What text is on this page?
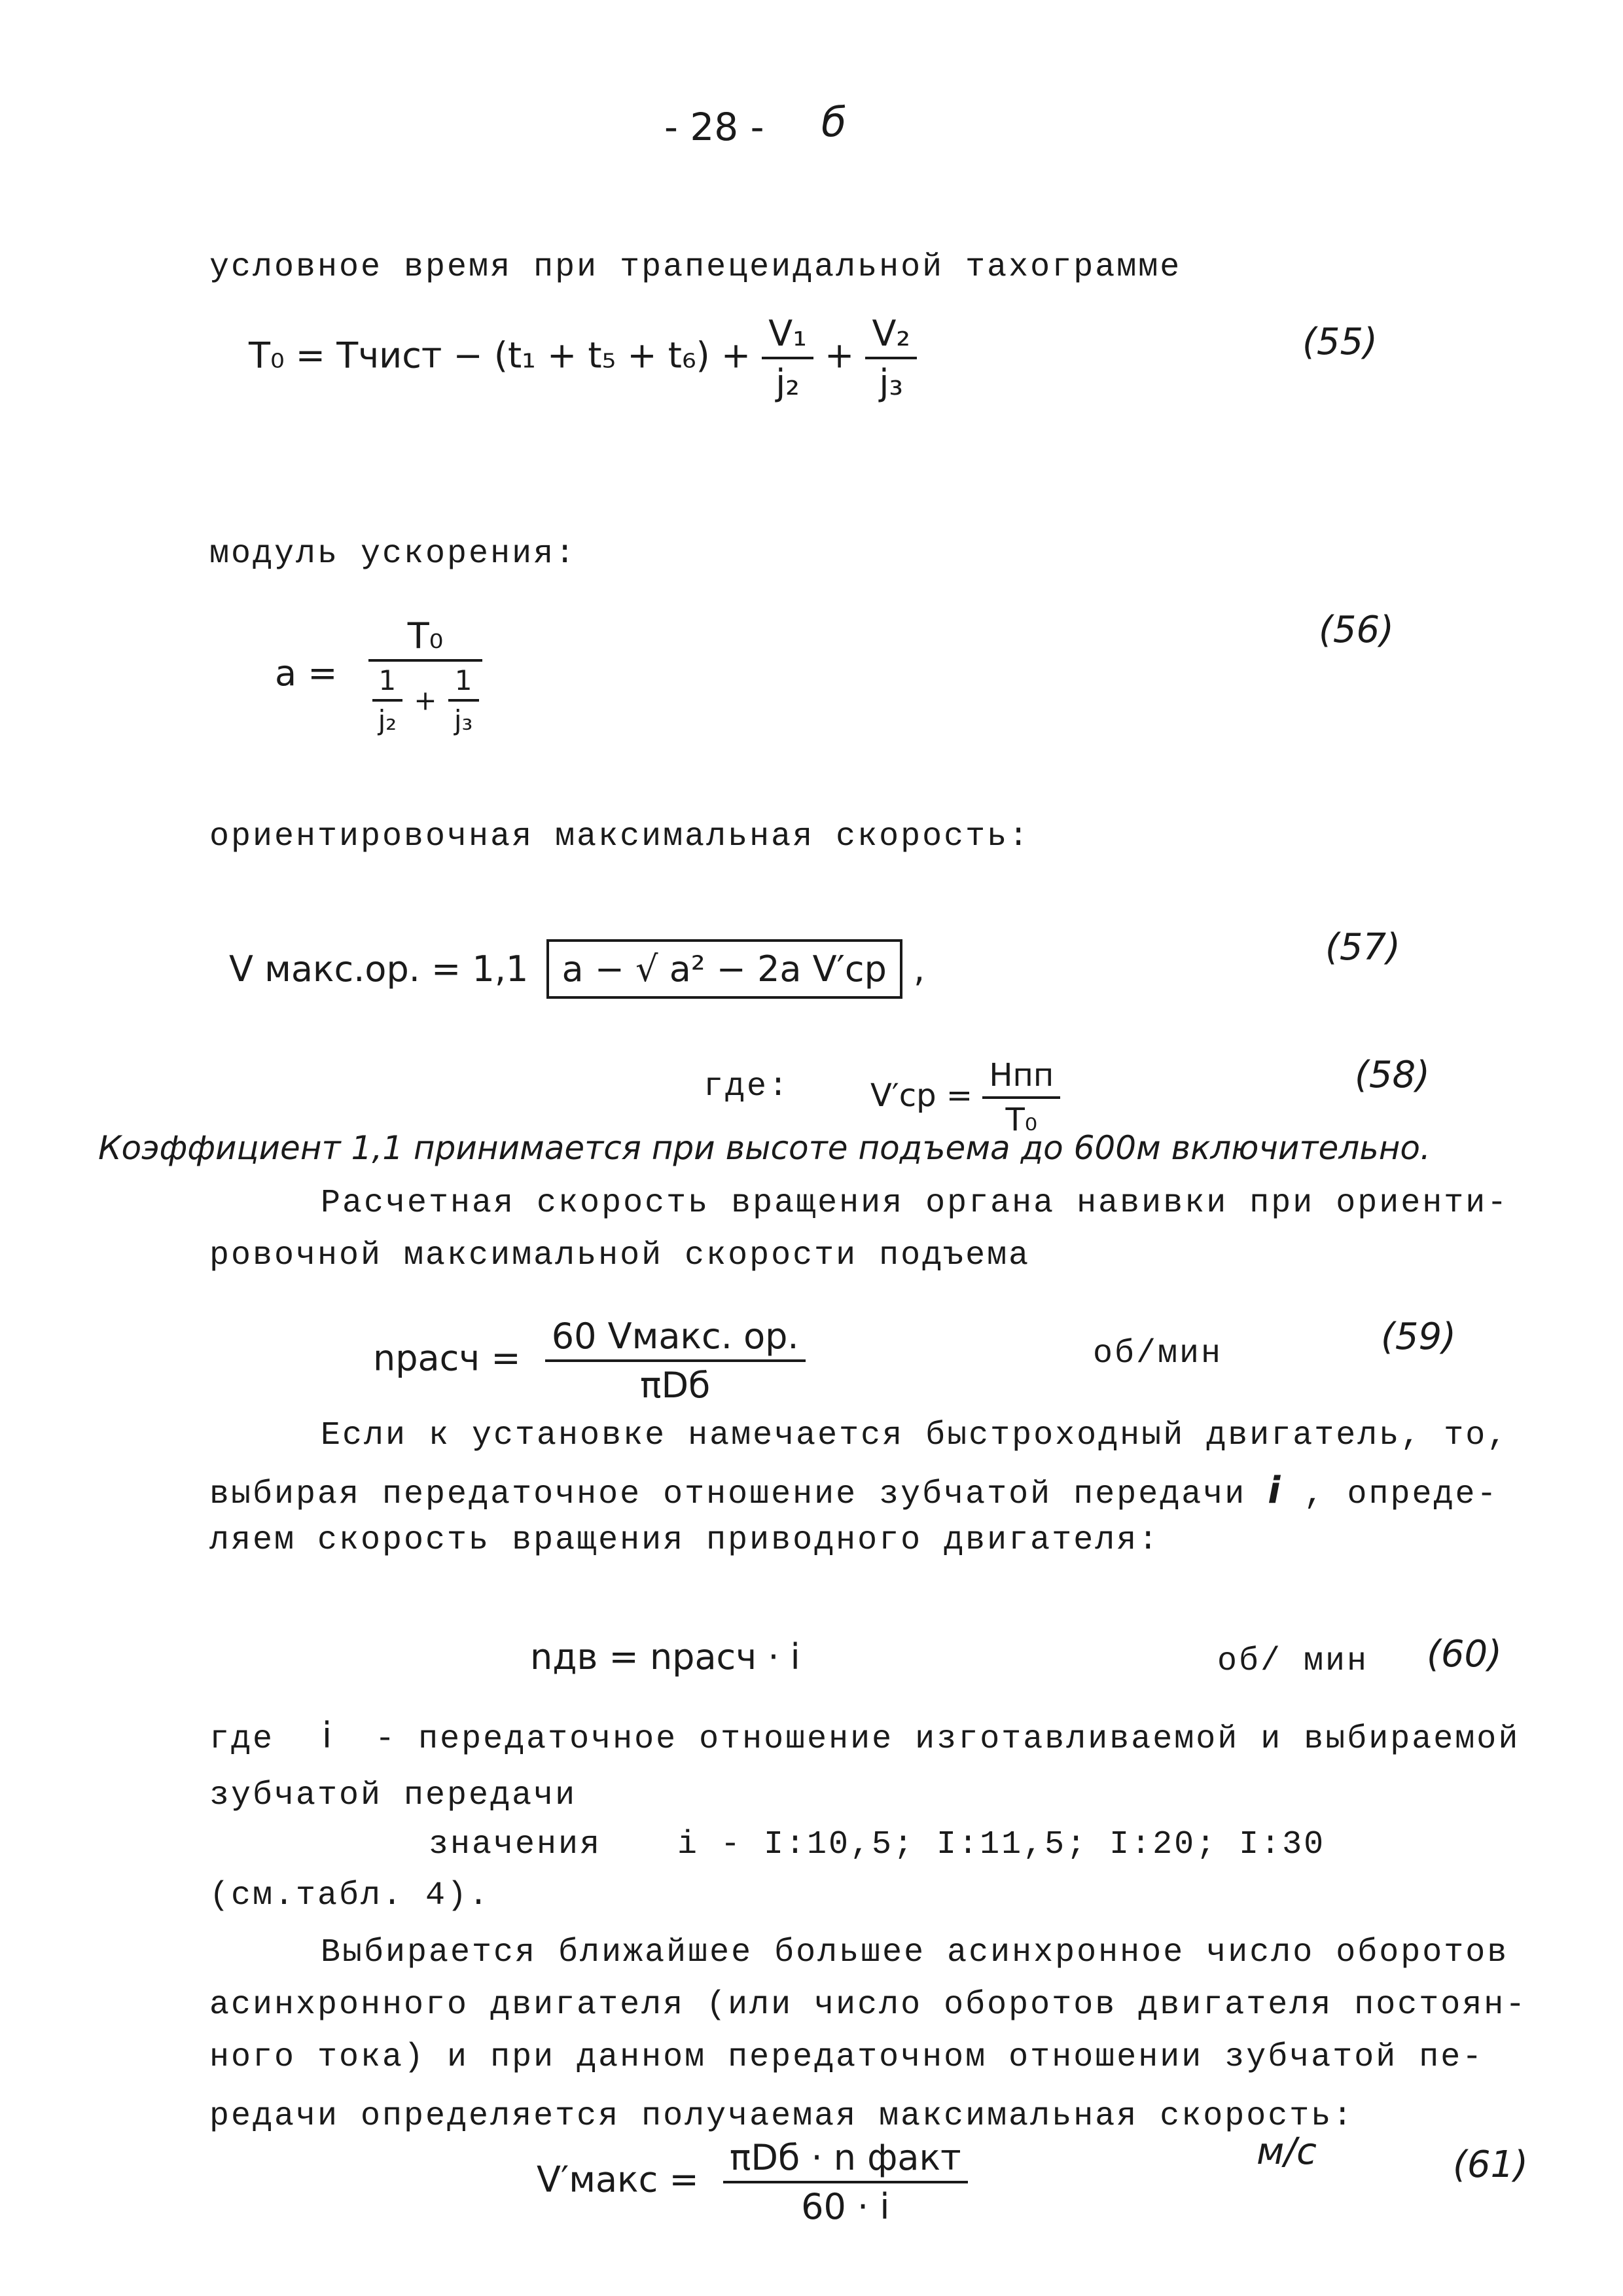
- 28 - б
условное время при трапецеидальной тахограмме
T₀ = Tчист − $(t_1 + t_5 + t_6) + \frac{\text{V₁}}{\text{j₂}} + \frac{\text{V₂}}{\text{j₃}}$	(55)
модуль ускорения:
$a = \frac{\text{T₀}}{\frac{1}{\text{j₂}} + \frac{1}{\text{j₃}}}$	(56)
ориентировочная максимальная скорость:
V макс.ор. = 1,1 a − √ a² − 2a V′ср ,
(57)
где:	$V'ср = \frac{\text{Hпп}}{\text{T₀}}$	(58)
Коэффициент 1,1 принимается при высоте подъема до 600м включительно.
Расчетная скорость вращения органа навивки при ориенти-
ровочной максимальной скорости подъема
nрасч = $\frac{\text{60 Vмакс. ор.}}{\text{πDб}}$	об/мин	(59)
Если к установке намечается быстроходный двигатель, то,
выбирая передаточное отношение зубчатой передачи i , опреде-
ляем скорость вращения приводного двигателя:
nдв = nрасч · i	об/ мин (60)
где i - передаточное отношение изготавливаемой и выбираемой
зубчатой передачи
значения i - I:10,5; I:11,5; I:20; I:30
(см.табл. 4).
Выбирается ближайшее большее асинхронное число оборотов
асинхронного двигателя (или число оборотов двигателя постоян-
ного тока) и при данном передаточном отношении зубчатой пе-
редачи определяется получаемая максимальная скорость:
V′макс = $\frac{\text{πDб · n факт}}{60 \cdot i}$	м/с	(61)
